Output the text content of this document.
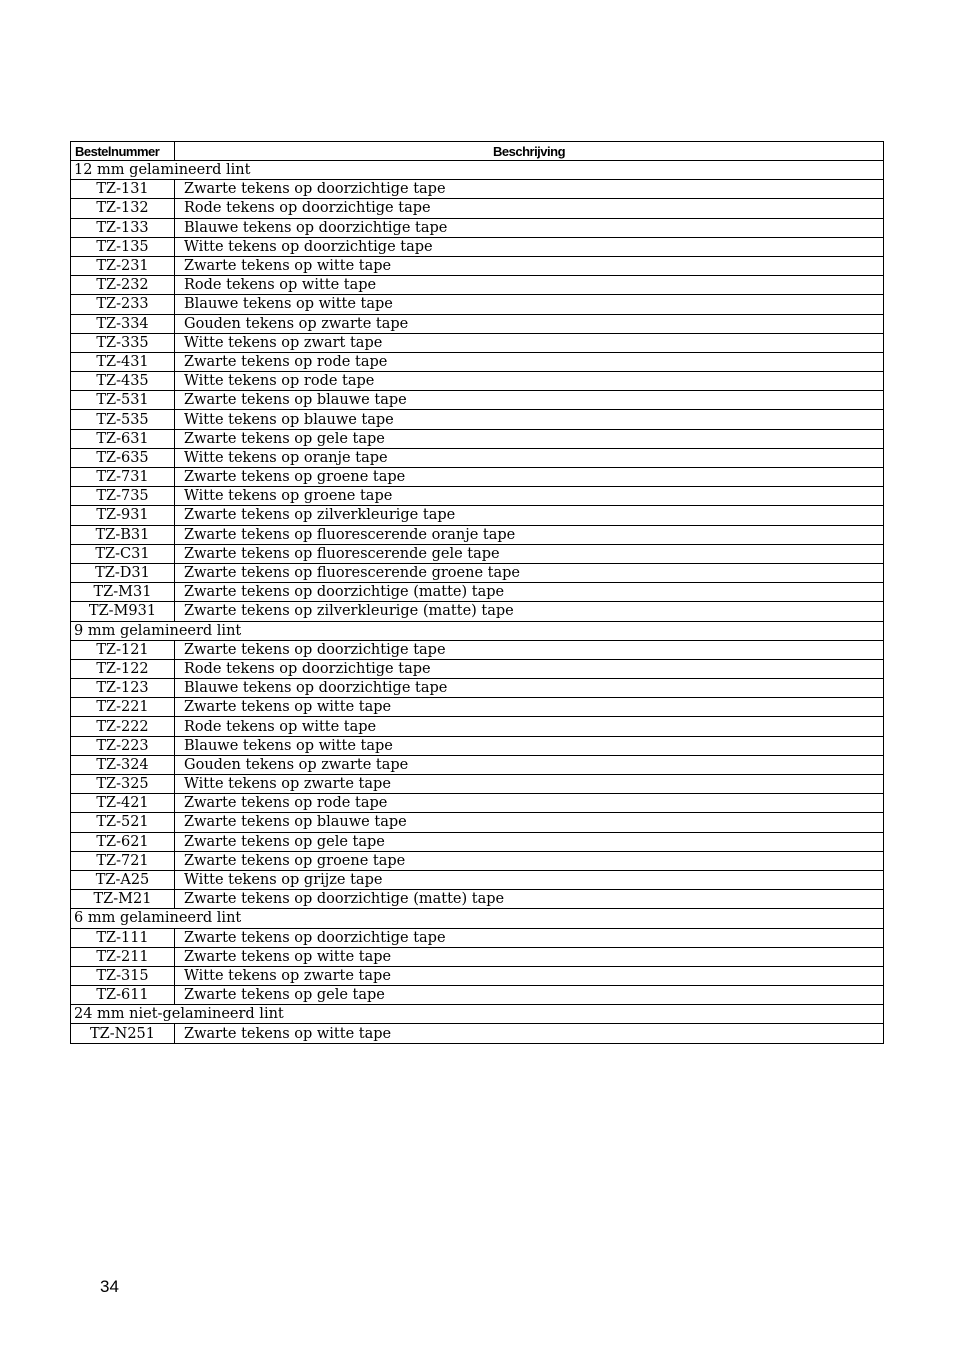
Bestelnummer	Beschrijving
12 mm gelamineerd lint	
TZ-131	Zwarte tekens op doorzichtige tape
TZ-132	Rode tekens op doorzichtige tape
TZ-133	Blauwe tekens op doorzichtige tape
TZ-135	Witte tekens op doorzichtige tape
TZ-231	Zwarte tekens op witte tape
TZ-232	Rode tekens op witte tape
TZ-233	Blauwe tekens op witte tape
TZ-334	Gouden tekens op zwarte tape
TZ-335	Witte tekens op zwart tape
TZ-431	Zwarte tekens op rode tape
TZ-435	Witte tekens op rode tape
TZ-531	Zwarte tekens op blauwe tape
TZ-535	Witte tekens op blauwe tape
TZ-631	Zwarte tekens op gele tape
TZ-635	Witte tekens op oranje tape
TZ-731	Zwarte tekens op groene tape
TZ-735	Witte tekens op groene tape
TZ-931	Zwarte tekens op zilverkleurige tape
TZ-B31	Zwarte tekens op fluorescerende oranje tape
TZ-C31	Zwarte tekens op fluorescerende gele tape
TZ-D31	Zwarte tekens op fluorescerende groene tape
TZ-M31	Zwarte tekens op doorzichtige (matte) tape
TZ-M931	Zwarte tekens op zilverkleurige (matte) tape
9 mm gelamineerd lint	
TZ-121	Zwarte tekens op doorzichtige tape
TZ-122	Rode tekens op doorzichtige tape
TZ-123	Blauwe tekens op doorzichtige tape
TZ-221	Zwarte tekens op witte tape
TZ-222	Rode tekens op witte tape
TZ-223	Blauwe tekens op witte tape
TZ-324	Gouden tekens op zwarte tape
TZ-325	Witte tekens op zwarte tape
TZ-421	Zwarte tekens op rode tape
TZ-521	Zwarte tekens op blauwe tape
TZ-621	Zwarte tekens op gele tape
TZ-721	Zwarte tekens op groene tape
TZ-A25	Witte tekens op grijze tape
TZ-M21	Zwarte tekens op doorzichtige (matte) tape
6 mm gelamineerd lint	
TZ-111	Zwarte tekens op doorzichtige tape
TZ-211	Zwarte tekens op witte tape
TZ-315	Witte tekens op zwarte tape
TZ-611	Zwarte tekens op gele tape
24 mm niet-gelamineerd lint	
TZ-N251	Zwarte tekens op witte tape
34
